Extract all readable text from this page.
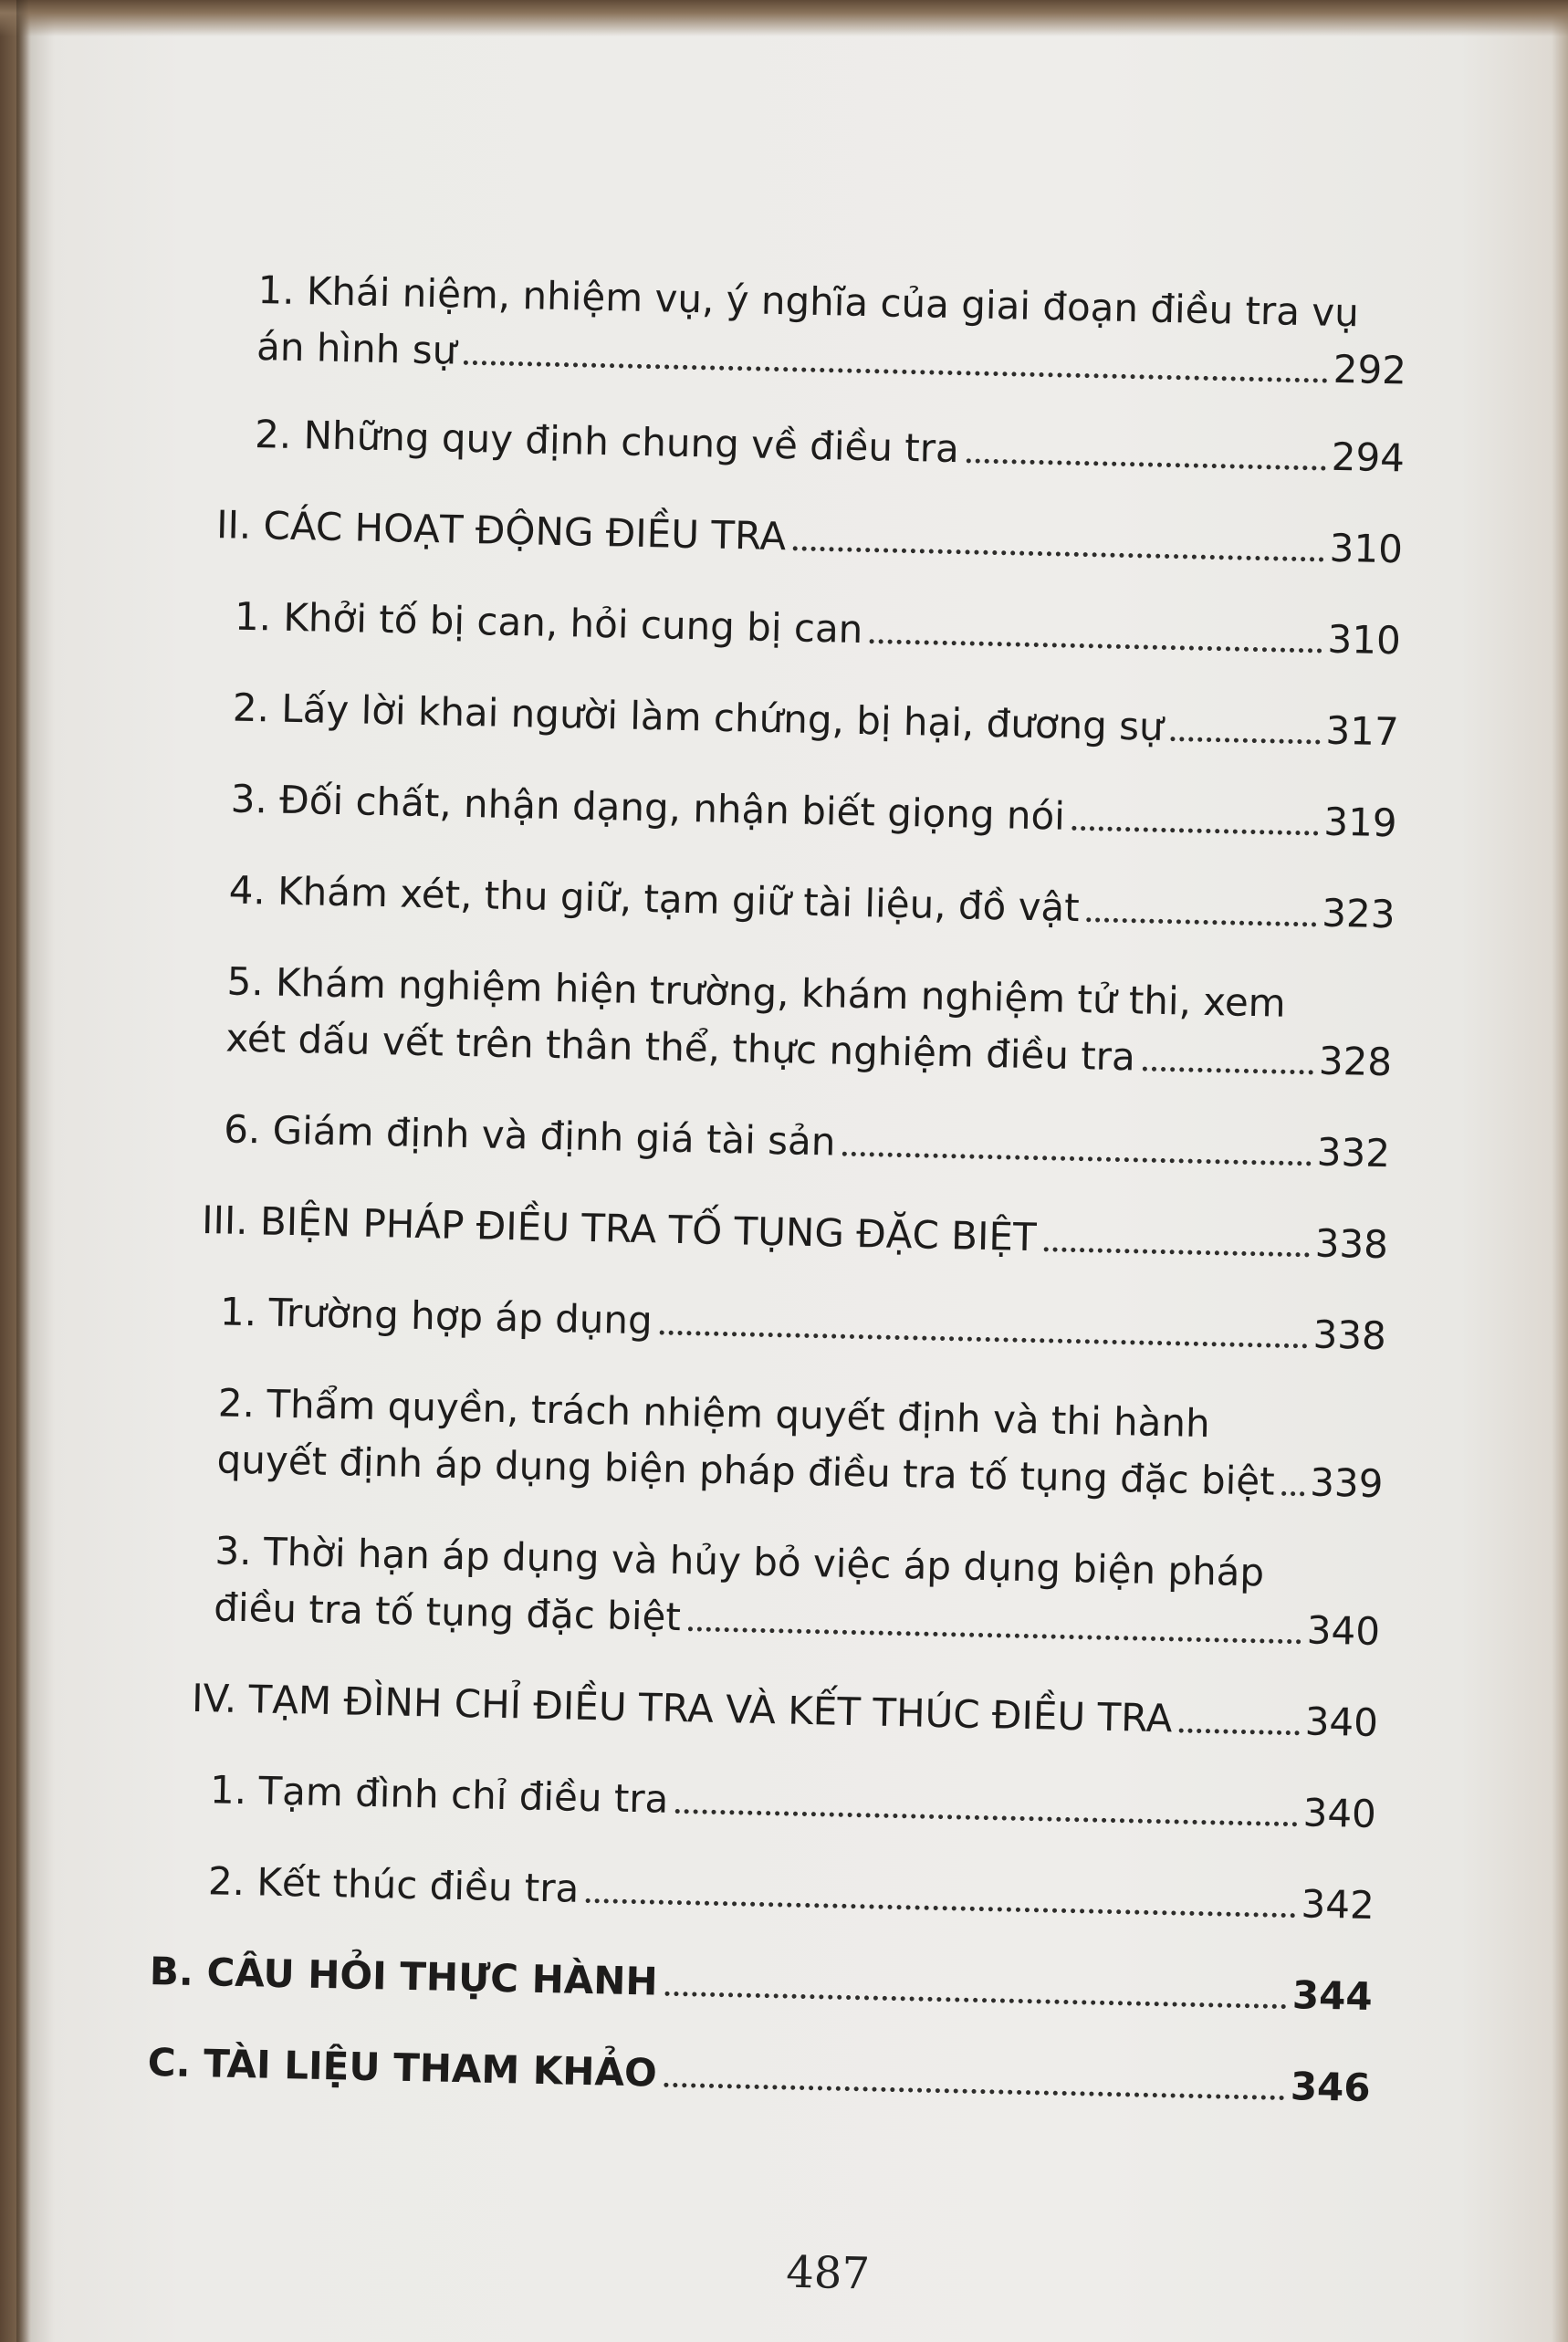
1. Khái niệm, nhiệm vụ, ý nghĩa của giai đoạn điều tra vụ
án hình sự	292
2. Những quy định chung về điều tra	294
II. CÁC HOẠT ĐỘNG ĐIỀU TRA	310
1. Khởi tố bị can, hỏi cung bị can	310
2. Lấy lời khai người làm chứng, bị hại, đương sự	317
3. Đối chất, nhận dạng, nhận biết giọng nói	319
4. Khám xét, thu giữ, tạm giữ tài liệu, đồ vật	323
5. Khám nghiệm hiện trường, khám nghiệm tử thi, xem
xét dấu vết trên thân thể, thực nghiệm điều tra	328
6. Giám định và định giá tài sản	332
III. BIỆN PHÁP ĐIỀU TRA TỐ TỤNG ĐẶC BIỆT	338
1. Trường hợp áp dụng	338
2. Thẩm quyền, trách nhiệm quyết định và thi hành
quyết định áp dụng biện pháp điều tra tố tụng đặc biệt 339
3. Thời hạn áp dụng và hủy bỏ việc áp dụng biện pháp
điều tra tố tụng đặc biệt	340
IV. TẠM ĐÌNH CHỈ ĐIỀU TRA VÀ KẾT THÚC ĐIỀU TRA	340
1. Tạm đình chỉ điều tra	340
2. Kết thúc điều tra	342
B. CÂU HỎI THỰC HÀNH	344
C. TÀI LIỆU THAM KHẢO	346
487
